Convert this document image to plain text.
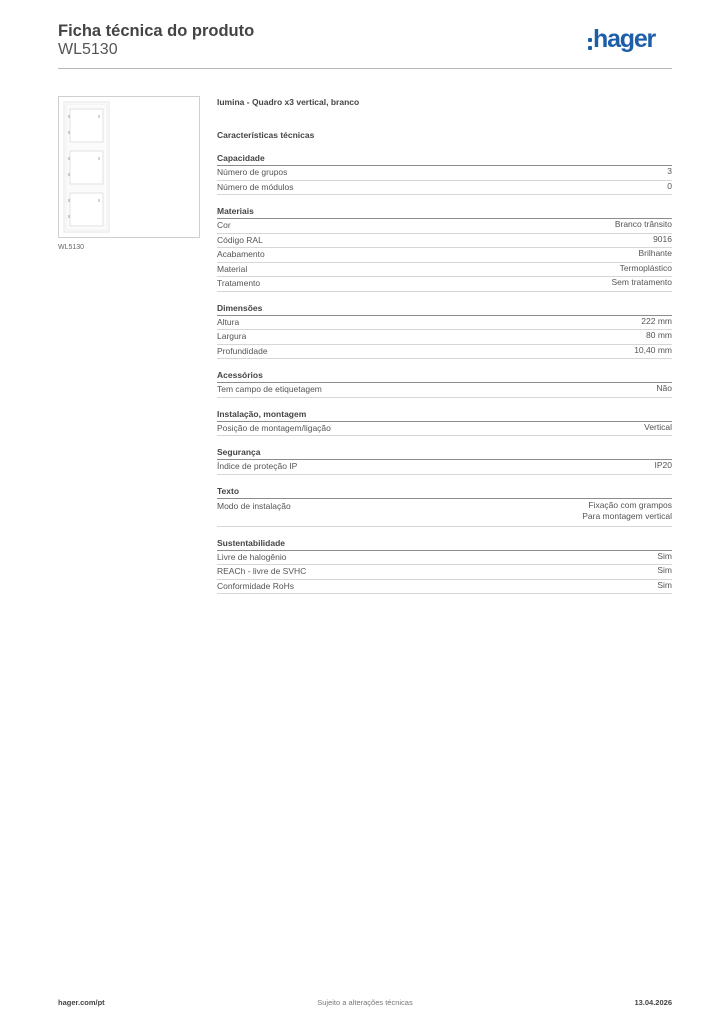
Ficha técnica do produto
WL5130	hager
WL5130
lumina - Quadro x3 vertical, branco
Características técnicas
Capacidade
Número de grupos	3
Número de módulos	0
Materiais
Cor	Branco trânsito
Código RAL	9016
Acabamento	Brilhante
Material	Termoplástico
Tratamento	Sem tratamento
Dimensões
Altura	222 mm
Largura	80 mm
Profundidade	10,40 mm
Acessórios
Tem campo de etiquetagem	Não
Instalação, montagem
Posição de montagem/ligação	Vertical
Segurança
Índice de proteção IP	IP20
Texto
Modo de instalação	Fixação com grampos
Para montagem vertical
Sustentabilidade
Livre de halogênio	Sim
REACh - livre de SVHC	Sim
Conformidade RoHs	Sim
hager.com/pt	Sujeito a alterações técnicas	13.04.2026
